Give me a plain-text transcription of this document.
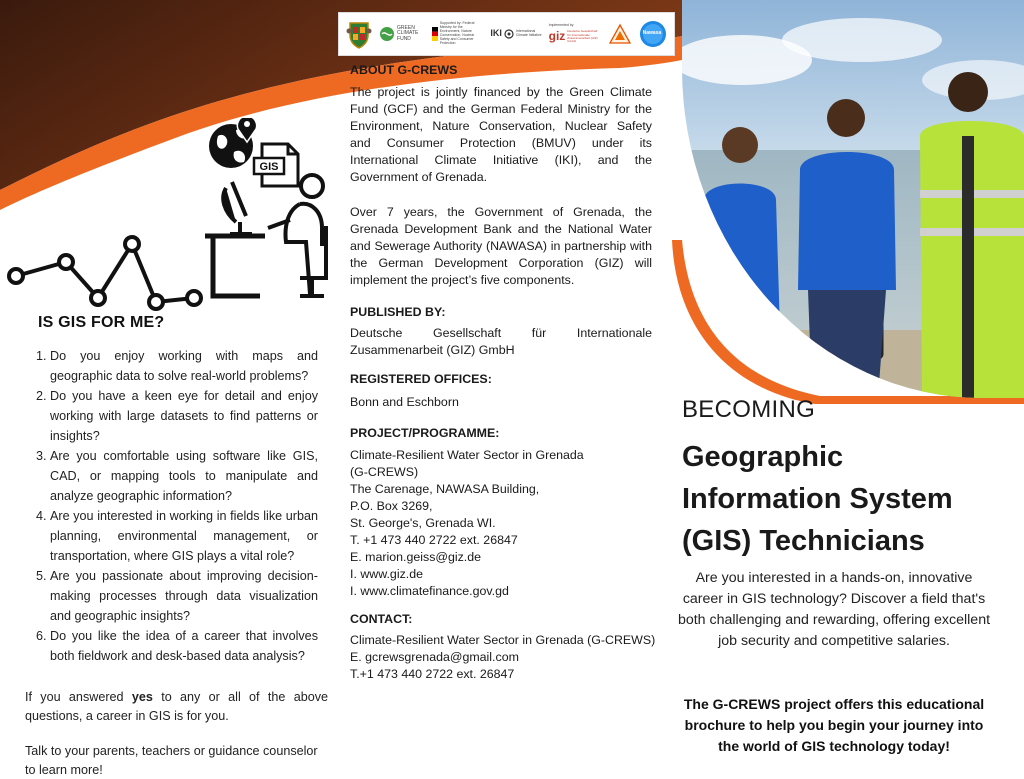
GREEN CLIMATE FUND
Supported by: Federal Ministry for the Environment, Nature Conservation, Nuclear Safety and Consumer Protection
IKI	International Climate Initiative
Implemented by
giz Deutsche Gesellschaft für Internationale Zusammenarbeit (GIZ) GmbH
Nawasa
GIS
IS GIS FOR ME?
1. Do you enjoy working with maps and geographic data to solve real-world problems?
2. Do you have a keen eye for detail and enjoy working with large datasets to find patterns or insights?
3. Are you comfortable using software like GIS, CAD, or mapping tools to manipulate and analyze geographic information?
4. Are you interested in working in fields like urban planning, environmental management, or transportation, where GIS plays a vital role?
5. Are you passionate about improving decision-making processes through data visualization and geographic insights?
6. Do you like the idea of a career that involves both fieldwork and desk-based data analysis?

If you answered yes to any or all of the above questions, a career in GIS is for you.

Talk to your parents, teachers or guidance counselor to learn more!

ABOUT G-CREWS

The project is jointly financed by the Green Climate Fund (GCF) and the German Federal Ministry for the Environment, Nature Conservation, Nuclear Safety and Consumer Protection (BMUV) under its International Climate Initiative (IKI), and the Government of Grenada.

Over 7 years, the Government of Grenada, the Grenada Development Bank and the National Water and Sewerage Authority (NAWASA) in partnership with the German Development Corporation (GIZ) will implement the project’s five components.

PUBLISHED BY:
Deutsche Gesellschaft für Internationale
Zusammenarbeit (GIZ) GmbH
REGISTERED OFFICES:

Bonn and Eschborn

PROJECT/PROGRAMME:
Climate-Resilient Water Sector in Grenada
(G-CREWS)
The Carenage, NAWASA Building,
P.O. Box 3269,
St. George's, Grenada WI.
T. +1 473 440 2722 ext. 26847
E. marion.geiss@giz.de
I. www.giz.de
I. www.climatefinance.gov.gd
CONTACT:
Climate-Resilient Water Sector in Grenada (G-CREWS)
E. gcrewsgrenada@gmail.com
T.+1 473 440 2722 ext. 26847
BECOMING
Geographic
Information System
(GIS) Technicians

Are you interested in a hands-on, innovative career in GIS technology? Discover a field that's both challenging and rewarding, offering excellent job security and competitive salaries.

The G-CREWS project offers this educational brochure to help you begin your journey into the world of GIS technology today!
